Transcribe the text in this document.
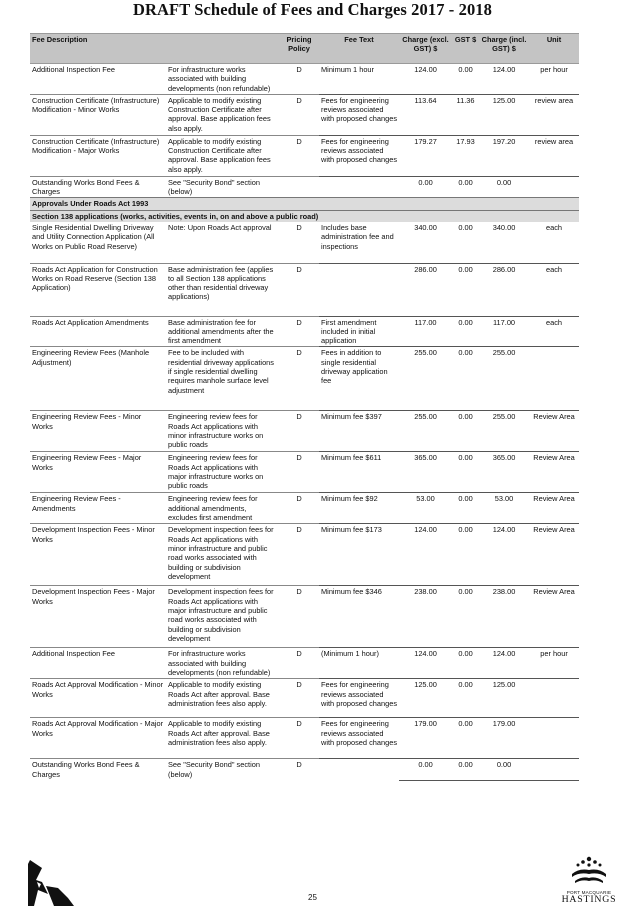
DRAFT Schedule of Fees and Charges 2017 - 2018
Fee Description		Pricing Policy	Fee Text	Charge (excl. GST) $	GST $	Charge (incl. GST) $	Unit
Additional Inspection Fee	For infrastructure works associated with building developments (non refundable)	D	Minimum 1 hour	124.00	0.00	124.00	per hour
Construction Certificate (Infrastructure) Modification - Minor Works	Applicable to modify existing Construction Certificate after approval. Base application fees also apply.	D	Fees for engineering reviews associated with proposed changes	113.64	11.36	125.00	review area
Construction Certificate (Infrastructure) Modification - Major Works	Applicable to modify existing Construction Certificate after approval. Base application fees also apply.	D	Fees for engineering reviews associated with proposed changes	179.27	17.93	197.20	review area
Outstanding Works Bond Fees & Charges	See "Security Bond" section (below)			0.00	0.00	0.00	
Approvals Under Roads Act 1993							
Section 138 applications (works, activities, events in, on and above a public road)							
Single Residential Dwelling Driveway and Utility Connection Application (All Works on Public Road Reserve)	Note: Upon Roads Act approval	D	Includes base administration fee and inspections	340.00	0.00	340.00	each
Roads Act Application for Construction Works on Road Reserve (Section 138 Application)	Base administration fee (applies to all Section 138 applications other than residential driveway applications)	D		286.00	0.00	286.00	each
Roads Act Application Amendments	Base administration fee for additional amendments after the first amendment	D	First amendment included in initial application	117.00	0.00	117.00	each
Engineering Review Fees (Manhole Adjustment)	Fee to be included with residential driveway applications if single residential dwelling requires manhole surface level adjustment	D	Fees in addition to single residential driveway application fee	255.00	0.00	255.00	
Engineering Review Fees - Minor Works	Engineering review fees for Roads Act applications with minor infrastructure works on public roads	D	Minimum fee $397	255.00	0.00	255.00	Review Area
Engineering Review Fees - Major Works	Engineering review fees for Roads Act applications with major infrastructure works on public roads	D	Minimum fee $611	365.00	0.00	365.00	Review Area
Engineering Review Fees - Amendments	Engineering review fees for additional amendments, excludes first amendment	D	Minimum fee $92	53.00	0.00	53.00	Review Area
Development Inspection Fees - Minor Works	Development inspection fees for Roads Act applications with minor infrastructure and public road works associated with building or subdivision development	D	Minimum fee $173	124.00	0.00	124.00	Review Area
Development Inspection Fees - Major Works	Development inspection fees for Roads Act applications with major infrastructure and public road works associated with building or subdivision development	D	Minimum fee $346	238.00	0.00	238.00	Review Area
Additional Inspection Fee	For infrastructure works associated with building developments (non refundable)	D	(Minimum 1 hour)	124.00	0.00	124.00	per hour
Roads Act Approval Modification - Minor Works	Applicable to modify existing Roads Act after approval. Base administration fees also apply.	D	Fees for engineering reviews associated with proposed changes	125.00	0.00	125.00	
Roads Act Approval Modification - Major Works	Applicable to modify existing Roads Act after approval. Base administration fees also apply.	D	Fees for engineering reviews associated with proposed changes	179.00	0.00	179.00	
Outstanding Works Bond Fees & Charges	See "Security Bond" section (below)	D		0.00	0.00	0.00	
PORT MACQUARIE
HASTINGS
25
